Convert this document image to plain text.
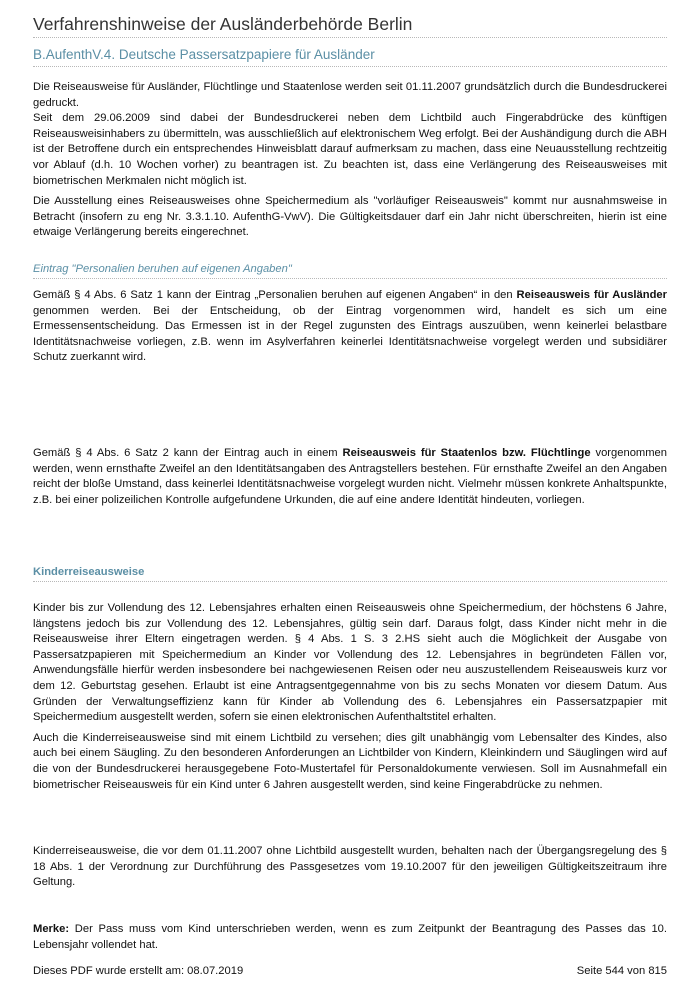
Verfahrenshinweise der Ausländerbehörde Berlin
B.AufenthV.4. Deutsche Passersatzpapiere für Ausländer

Die Reiseausweise für Ausländer, Flüchtlinge und Staatenlose werden seit 01.11.2007 grundsätzlich durch die Bundesdruckerei gedruckt.
Seit dem 29.06.2009 sind dabei der Bundesdruckerei neben dem Lichtbild auch Fingerabdrücke des künftigen Reiseausweisinhabers zu übermitteln, was ausschließlich auf elektronischem Weg erfolgt. Bei der Aushändigung durch die ABH ist der Betroffene durch ein entsprechendes Hinweisblatt darauf aufmerksam zu machen, dass eine Neuausstellung rechtzeitig vor Ablauf (d.h. 10 Wochen vorher) zu beantragen ist. Zu beachten ist, dass eine Verlängerung des Reiseausweises mit biometrischen Merkmalen nicht möglich ist.

Die Ausstellung eines Reiseausweises ohne Speichermedium als "vorläufiger Reiseausweis" kommt nur ausnahmsweise in Betracht (insofern zu eng Nr. 3.3.1.10. AufenthG-VwV). Die Gültigkeitsdauer darf ein Jahr nicht überschreiten, hierin ist eine etwaige Verlängerung bereits eingerechnet.

Eintrag "Personalien beruhen auf eigenen Angaben"

Gemäß § 4 Abs. 6 Satz 1 kann der Eintrag „Personalien beruhen auf eigenen Angaben“ in den Reiseausweis für Ausländer genommen werden. Bei der Entscheidung, ob der Eintrag vorgenommen wird, handelt es sich um eine Ermessensentscheidung. Das Ermessen ist in der Regel zugunsten des Eintrags auszuüben, wenn keinerlei belastbare Identitätsnachweise vorliegen, z.B. wenn im Asylverfahren keinerlei Identitätsnachweise vorgelegt werden und subsidiärer Schutz zuerkannt wird.

Gemäß § 4 Abs. 6 Satz 2 kann der Eintrag auch in einem Reiseausweis für Staatenlos bzw. Flüchtlinge vorgenommen werden, wenn ernsthafte Zweifel an den Identitätsangaben des Antragstellers bestehen. Für ernsthafte Zweifel an den Angaben reicht der bloße Umstand, dass keinerlei Identitätsnachweise vorgelegt wurden nicht. Vielmehr müssen konkrete Anhaltspunkte, z.B. bei einer polizeilichen Kontrolle aufgefundene Urkunden, die auf eine andere Identität hindeuten, vorliegen.

Kinderreiseausweise

Kinder bis zur Vollendung des 12. Lebensjahres erhalten einen Reiseausweis ohne Speichermedium, der höchstens 6 Jahre, längstens jedoch bis zur Vollendung des 12. Lebensjahres, gültig sein darf. Daraus folgt, dass Kinder nicht mehr in die Reiseausweise ihrer Eltern eingetragen werden. § 4 Abs. 1 S. 3 2.HS sieht auch die Möglichkeit der Ausgabe von Passersatzpapieren mit Speichermedium an Kinder vor Vollendung des 12. Lebensjahres in begründeten Fällen vor, Anwendungsfälle hierfür werden insbesondere bei nachgewiesenen Reisen oder neu auszustellendem Reiseausweis kurz vor dem 12. Geburtstag gesehen. Erlaubt ist eine Antragsentgegennahme von bis zu sechs Monaten vor diesem Datum. Aus Gründen der Verwaltungseffizienz kann für Kinder ab Vollendung des 6. Lebensjahres ein Passersatzpapier mit Speichermedium ausgestellt werden, sofern sie einen elektronischen Aufenthaltstitel erhalten.

Auch die Kinderreiseausweise sind mit einem Lichtbild zu versehen; dies gilt unabhängig vom Lebensalter des Kindes, also auch bei einem Säugling. Zu den besonderen Anforderungen an Lichtbilder von Kindern, Kleinkindern und Säuglingen wird auf die von der Bundesdruckerei herausgegebene Foto-Mustertafel für Personaldokumente verwiesen. Soll im Ausnahmefall ein biometrischer Reiseausweis für ein Kind unter 6 Jahren ausgestellt werden, sind keine Fingerabdrücke zu nehmen.

Kinderreiseausweise, die vor dem 01.11.2007 ohne Lichtbild ausgestellt wurden, behalten nach der Übergangsregelung des § 18 Abs. 1 der Verordnung zur Durchführung des Passgesetzes vom 19.10.2007 für den jeweiligen Gültigkeitszeitraum ihre Geltung.

Merke: Der Pass muss vom Kind unterschrieben werden, wenn es zum Zeitpunkt der Beantragung des Passes das 10. Lebensjahr vollendet hat.

Dieses PDF wurde erstellt am: 08.07.2019	Seite 544 von 815
